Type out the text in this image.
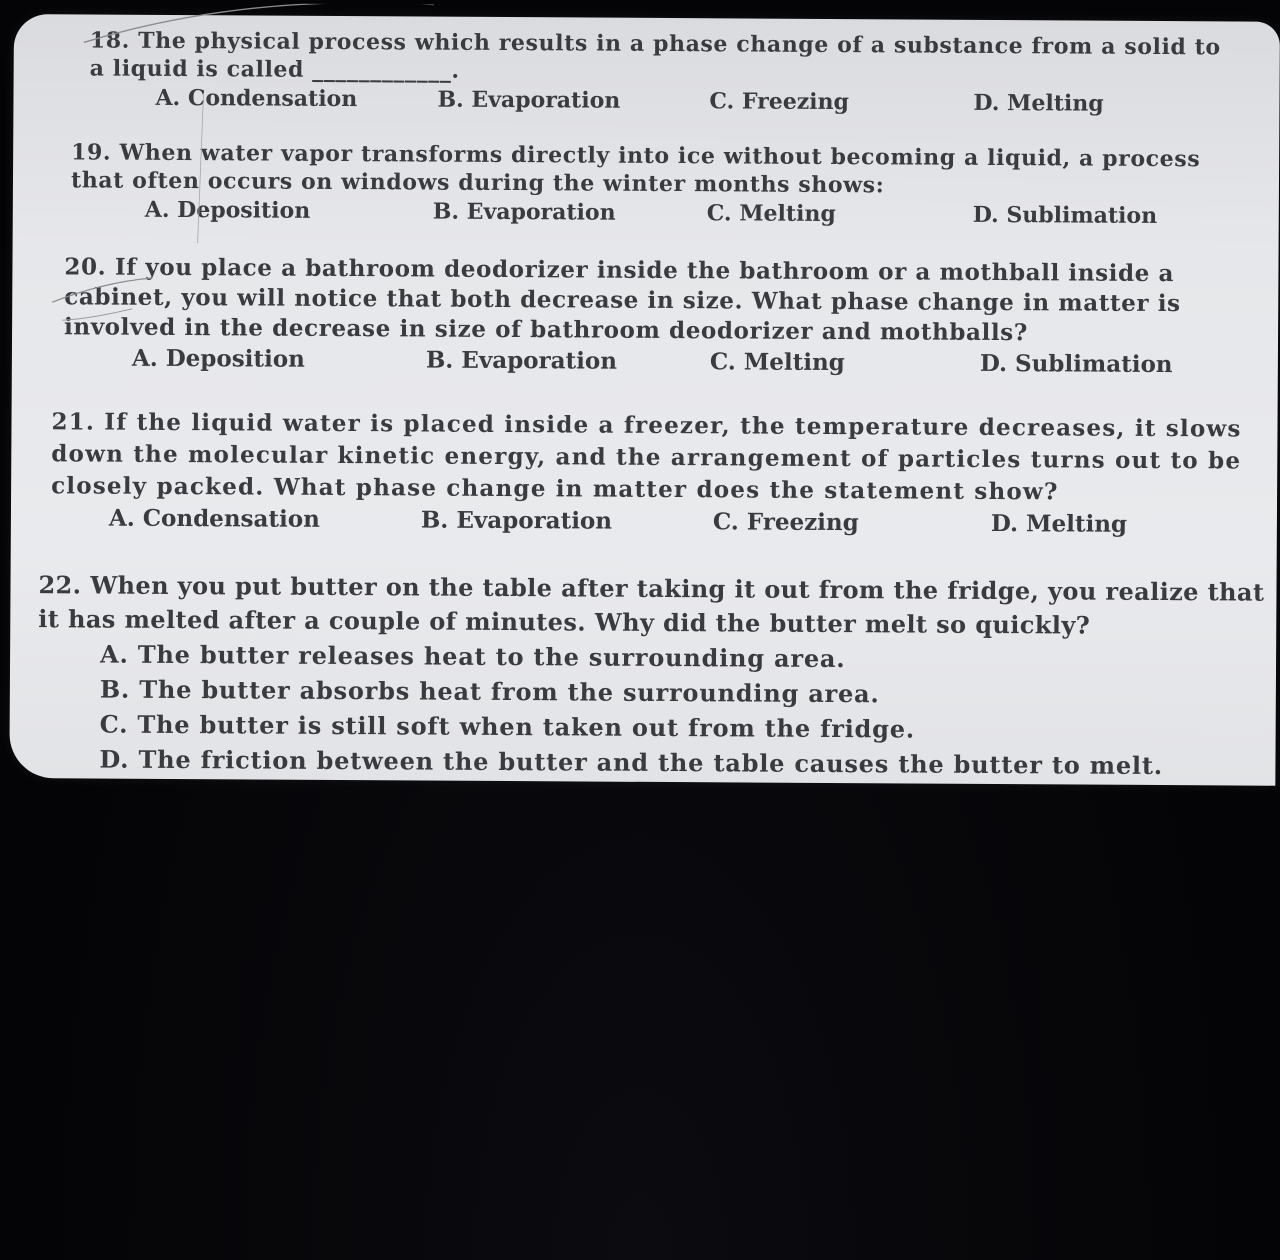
18. The physical process which results in a phase change of a substance from a solid to
a liquid is called ____________.

A. Condensation	B. Evaporation	C. Freezing	D. Melting

19. When water vapor transforms directly into ice without becoming a liquid, a process
that often occurs on windows during the winter months shows:

A. Deposition	B. Evaporation	C. Melting	D. Sublimation

20. If you place a bathroom deodorizer inside the bathroom or a mothball inside a
cabinet, you will notice that both decrease in size. What phase change in matter is
involved in the decrease in size of bathroom deodorizer and mothballs?

A. Deposition	B. Evaporation	C. Melting	D. Sublimation

21. If the liquid water is placed inside a freezer, the temperature decreases, it slows
down the molecular kinetic energy, and the arrangement of particles turns out to be
closely packed. What phase change in matter does the statement show?

A. Condensation	B. Evaporation	C. Freezing	D. Melting

22. When you put butter on the table after taking it out from the fridge, you realize that
it has melted after a couple of minutes. Why did the butter melt so quickly?

A. The butter releases heat to the surrounding area.
B. The butter absorbs heat from the surrounding area.
C. The butter is still soft when taken out from the fridge.
D. The friction between the butter and the table causes the butter to melt.
